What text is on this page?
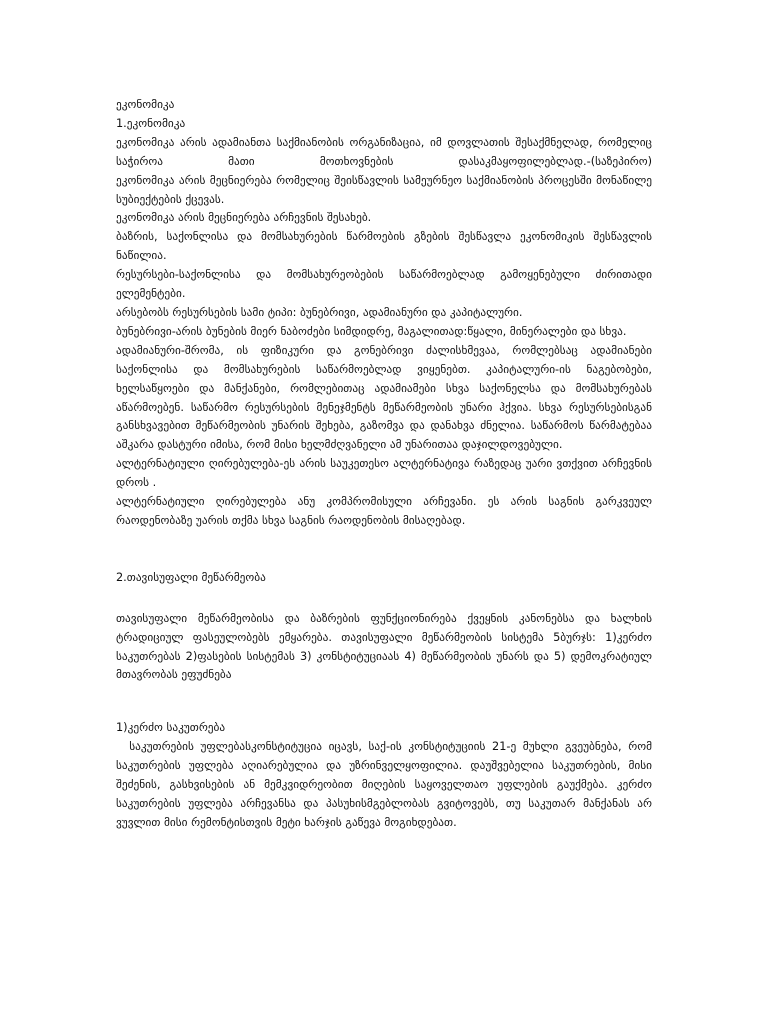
ეკონომიკა

1.ეკონომიკა

ეკონომიკა არის ადამიანთა საქმიანობის ორგანიზაცია, იმ დოვლათის შესაქმნელად, რომელიც საჭიროა მათი მოთხოვნების დასაკმაყოფილებლად.-(საზეპირო)

ეკონომიკა არის მეცნიერება რომელიც შეისწავლის სამეურნეო საქმიანობის პროცესში მონაწილე სუბიექტების ქცევას.

ეკონომიკა არის მეცნიერება არჩევნის შესახებ.

ბაზრის, საქონლისა და მომსახურების წარმოების გზების შესწავლა ეკონომიკის შესწავლის ნაწილია.

რესურსები-საქონლისა და მომსახურეობების საწარმოებლად გამოყენებული ძირითადი ელემენტები.

არსებობს რესურსების სამი ტიპი: ბუნებრივი, ადამიანური და კაპიტალური.

ბუნებრივი-არის ბუნების მიერ ნაბოძები სიმდიდრე, მაგალითად:წყალი, მინერალები და სხვა.

ადამიანური-შრომა, ის ფიზიკური და გონებრივი ძალისხმევაა, რომლებსაც ადამიანები საქონლისა და მომსახურების საწარმოებლად ვიყენებთ. კაპიტალური-ის ნაგებობები, ხელსაწყოები და მანქანები, რომლებითაც ადამიამები სხვა საქონელსა და მომსახურებას აწარმოებენ. საწარმო რესურსების მენეჯმენტს მეწარმეობის უნარი ჰქვია. სხვა რესურსებისგან განსხვავებით მეწარმეობის უნარის შეხება, გაზომვა და დანახვა ძნელია. საწარმოს წარმატებაა აშკარა დასტური იმისა, რომ მისი ხელმძღვანელი ამ უნარითაა დაჯილდოვებული.

ალტერნატიული ღირებულება-ეს არის საუკეთესო ალტერნატივა რაზედაც უარი ვთქვით არჩევნის დროს .

ალტერნატიული ღირებულება ანუ კომპრომისული არჩევანი. ეს არის საგნის გარკვეულ რაოდენობაზე უარის თქმა სხვა საგნის რაოდენობის მისაღებად.

2.თავისუფალი მეწარმეობა

თავისუფალი მეწარმეობისა და ბაზრების ფუნქციონირება ქვეყნის კანონებსა და ხალხის ტრადიციულ ფასეულობებს ემყარება. თავისუფალი მეწარმეობის სისტემა 5ბურჯს: 1)კერძო საკუთრებას 2)ფასების სისტემას 3) კონსტიტუციაას 4) მეწარმეობის უნარს და 5) დემოკრატიულ მთავრობას ეფუძნება

1)კერძო საკუთრება

საკუთრების უფლებასკონსტიტუცია იცავს, საქ-ის კონსტიტუციის 21-ე მუხლი გვეუბნება, რომ საკუთრების უფლება აღიარებულია და უზრინველყოფილია. დაუშვებელია საკუთრების, მისი შეძენის, გასხვისების ან მემკვიდრეობით მიღების საყოველთაო უფლების გაუქმება. კერძო საკუთრების უფლება არჩევანსა და პასუხისმგებლობას გვიტოვებს, თუ საკუთარ მანქანას არ ვუვლით მისი რემონტისთვის მეტი ხარჯის გაწევა მოგიხდებათ.
